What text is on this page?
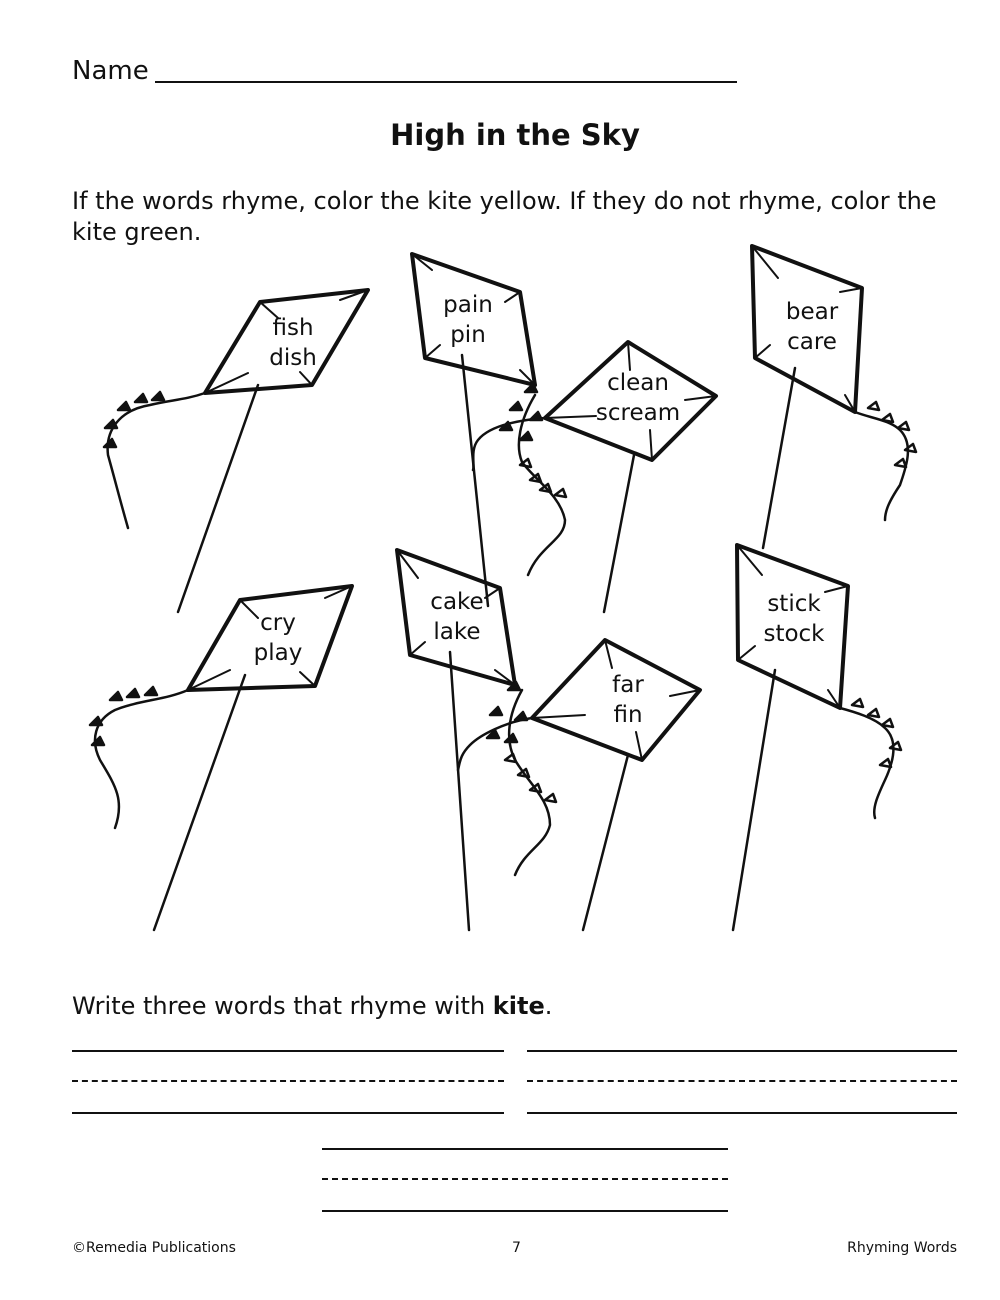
Name
High in the Sky
If the words rhyme, color the kite yellow. If they do not rhyme, color the kite green.
fish
dish
pain
pin
clean
scream
bear
care
cry
play
cake
lake
far
fin
stick
stock
Write three words that rhyme with kite.
©Remedia Publications	7	Rhyming Words
